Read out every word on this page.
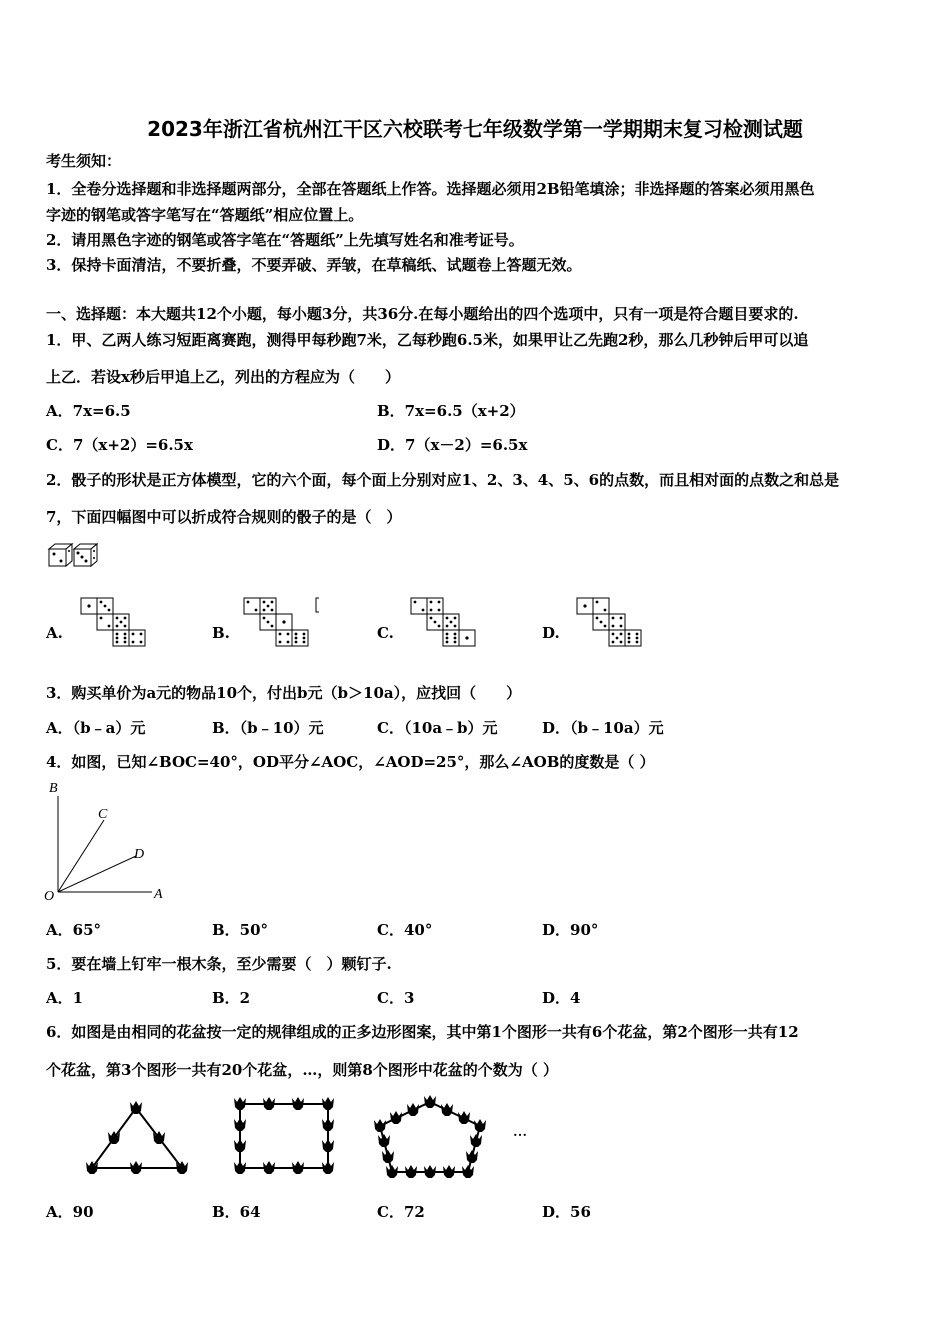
2023年浙江省杭州江干区六校联考七年级数学第一学期期末复习检测试题
考生须知：
1．全卷分选择题和非选择题两部分，全部在答题纸上作答。选择题必须用2B铅笔填涂；非选择题的答案必须用黑色
字迹的钢笔或答字笔写在“答题纸”相应位置上。
2．请用黑色字迹的钢笔或答字笔在“答题纸”上先填写姓名和准考证号。
3．保持卡面清洁，不要折叠，不要弄破、弄皱，在草稿纸、试题卷上答题无效。
一、选择题：本大题共12个小题，每小题3分，共36分.在每小题给出的四个选项中，只有一项是符合题目要求的.
1．甲、乙两人练习短距离赛跑，测得甲每秒跑7米，乙每秒跑6.5米，如果甲让乙先跑2秒，那么几秒钟后甲可以追
上乙．若设x秒后甲追上乙，列出的方程应为（　　）
A．7x=6.5	B．7x=6.5（x+2）
C．7（x+2）=6.5x	D．7（x－2）=6.5x
2．骰子的形状是正方体模型，它的六个面，每个面上分别对应1、2、3、4、5、6的点数，而且相对面的点数之和总是
7，下面四幅图中可以折成符合规则的骰子的是（　）
A.	B.	C.	D.
3．购买单价为a元的物品10个，付出b元（b＞10a），应找回（　　）
A．（b﹣a）元	B．（b﹣10）元	C．（10a﹣b）元	D．（b﹣10a）元
4．如图，已知∠BOC=40°，OD平分∠AOC，∠AOD=25°，那么∠AOB的度数是（ ）
B
C
D
O	A
A．65°	B．50°	C．40°	D．90°
5．要在墙上钉牢一根木条，至少需要（　）颗钉子.
A．1	B．2	C．3	D．4
6．如图是由相同的花盆按一定的规律组成的正多边形图案，其中第1个图形一共有6个花盆，第2个图形一共有12
个花盆，第3个图形一共有20个花盆，…，则第8个图形中花盆的个数为（ ）
…
A．90	B．64	C．72	D．56
